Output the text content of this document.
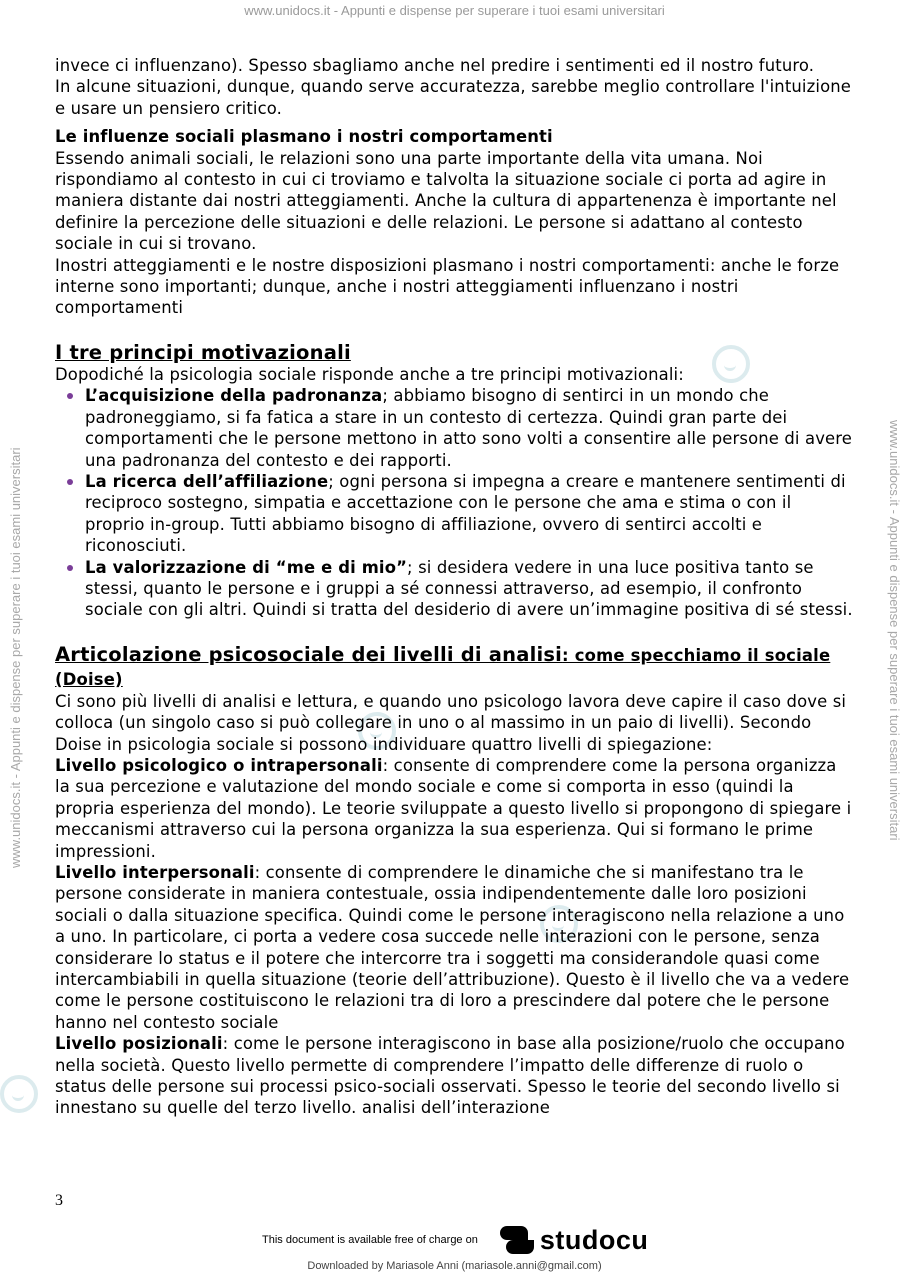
www.unidocs.it - Appunti e dispense per superare i tuoi esami universitari
www.unidocs.it - Appunti e dispense per superare i tuoi esami universitari	www.unidocs.it - Appunti e dispense per superare i tuoi esami universitari

invece ci influenzano). Spesso sbagliamo anche nel predire i sentimenti ed il nostro futuro.

In alcune situazioni, dunque, quando serve accuratezza, sarebbe meglio controllare l'intuizione e usare un pensiero critico.

Le influenze sociali plasmano i nostri comportamenti

Essendo animali sociali, le relazioni sono una parte importante della vita umana. Noi rispondiamo al contesto in cui ci troviamo e talvolta la situazione sociale ci porta ad agire in maniera distante dai nostri atteggiamenti. Anche la cultura di appartenenza è importante nel definire la percezione delle situazioni e delle relazioni. Le persone si adattano al contesto sociale in cui si trovano.

Inostri atteggiamenti e le nostre disposizioni plasmano i nostri comportamenti: anche le forze interne sono importanti; dunque, anche i nostri atteggiamenti influenzano i nostri comportamenti

I tre principi motivazionali

Dopodiché la psicologia sociale risponde anche a tre principi motivazionali:

L’acquisizione della padronanza; abbiamo bisogno di sentirci in un mondo che padroneggiamo, si fa fatica a stare in un contesto di certezza. Quindi gran parte dei comportamenti che le persone mettono in atto sono volti a consentire alle persone di avere una padronanza del contesto e dei rapporti.
La ricerca dell’affiliazione; ogni persona si impegna a creare e mantenere sentimenti di reciproco sostegno, simpatia e accettazione con le persone che ama e stima o con il proprio in-group. Tutti abbiamo bisogno di affiliazione, ovvero di sentirci accolti e riconosciuti.
La valorizzazione di “me e di mio”; si desidera vedere in una luce positiva tanto se stessi, quanto le persone e i gruppi a sé connessi attraverso, ad esempio, il confronto sociale con gli altri. Quindi si tratta del desiderio di avere un’immagine positiva di sé stessi.

Articolazione psicosociale dei livelli di analisi: come specchiamo il sociale (Doise)

Ci sono più livelli di analisi e lettura, e quando uno psicologo lavora deve capire il caso dove si colloca (un singolo caso si può collegare in uno o al massimo in un paio di livelli). Secondo Doise in psicologia sociale si possono individuare quattro livelli di spiegazione:

Livello psicologico o intrapersonali: consente di comprendere come la persona organizza la sua percezione e valutazione del mondo sociale e come si comporta in esso (quindi la propria esperienza del mondo). Le teorie sviluppate a questo livello si propongono di spiegare i meccanismi attraverso cui la persona organizza la sua esperienza. Qui si formano le prime impressioni.

Livello interpersonali: consente di comprendere le dinamiche che si manifestano tra le persone considerate in maniera contestuale, ossia indipendentemente dalle loro posizioni sociali o dalla situazione specifica. Quindi come le persone interagiscono nella relazione a uno a uno. In particolare, ci porta a vedere cosa succede nelle interazioni con le persone, senza considerare lo status e il potere che intercorre tra i soggetti ma considerandole quasi come intercambiabili in quella situazione (teorie dell’attribuzione). Questo è il livello che va a vedere come le persone costituiscono le relazioni tra di loro a prescindere dal potere che le persone hanno nel contesto sociale

Livello posizionali: come le persone interagiscono in base alla posizione/ruolo che occupano nella società. Questo livello permette di comprendere l’impatto delle differenze di ruolo o status delle persone sui processi psico-sociali osservati. Spesso le teorie del secondo livello si innestano su quelle del terzo livello. analisi dell’interazione

3
This document is available free of charge on studocu
Downloaded by Mariasole Anni (mariasole.anni@gmail.com)
